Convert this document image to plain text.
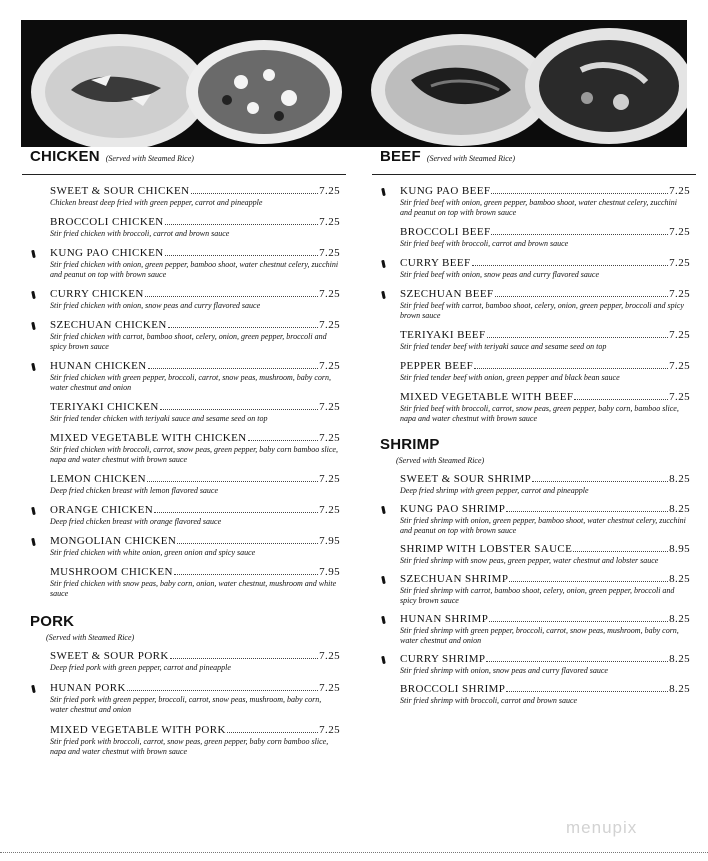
CHICKEN (Served with Steamed Rice)
SWEET & SOUR CHICKEN	7.25
Chicken breast deep fried with green pepper, carrot and pineapple
BROCCOLI CHICKEN	7.25
Stir fried chicken with broccoli, carrot and brown sauce
KUNG PAO CHICKEN	7.25
Stir fried chicken with onion, green pepper, bamboo shoot, water chestnut celery, zucchini and peanut on top with brown sauce
CURRY CHICKEN	7.25
Stir fried chicken with onion, snow peas and curry flavored sauce
SZECHUAN CHICKEN	7.25
Stir fried chicken with carrot, bamboo shoot, celery, onion, green pepper, broccoli and spicy brown sauce
HUNAN CHICKEN	7.25
Stir fried chicken with green pepper, broccoli, carrot, snow peas, mushroom, baby corn, water chestnut and onion
TERIYAKI CHICKEN	7.25
Stir fried tender chicken with teriyaki sauce and sesame seed on top
MIXED VEGETABLE WITH CHICKEN	7.25
Stir fried chicken with broccoli, carrot, snow peas, green pepper, baby corn bamboo slice, napa and water chestnut with brown sauce
LEMON CHICKEN	7.25
Deep fried chicken breast with lemon flavored sauce
ORANGE CHICKEN	7.25
Deep fried chicken breast with orange flavored sauce
MONGOLIAN CHICKEN	7.95
Stir fried chicken with white onion, green onion and spicy sauce
MUSHROOM CHICKEN	7.95
Stir fried chicken with snow peas, baby corn, onion, water chestnut, mushroom and white sauce
PORK
(Served with Steamed Rice)
SWEET & SOUR PORK	7.25
Deep fried pork with green pepper, carrot and pineapple
HUNAN PORK	7.25
Stir fried pork with green pepper, broccoli, carrot, snow peas, mushroom, baby corn, water chestnut and onion
MIXED VEGETABLE WITH PORK	7.25
Stir fried pork with broccoli, carrot, snow peas, green pepper, baby corn bamboo slice, napa and water chestnut with brown sauce
BEEF (Served with Steamed Rice)
KUNG PAO BEEF	7.25
Stir fried beef with onion, green pepper, bamboo shoot, water chestnut celery, zucchini and peanut on top with brown sauce
BROCCOLI BEEF	7.25
Stir fried beef with broccoli, carrot and brown sauce
CURRY BEEF	7.25
Stir fried beef with onion, snow peas and curry flavored sauce
SZECHUAN BEEF	7.25
Stir fried beef with carrot, bamboo shoot, celery, onion, green pepper, broccoli and spicy brown sauce
TERIYAKI BEEF	7.25
Stir fried tender beef with teriyaki sauce and sesame seed on top
PEPPER BEEF	7.25
Stir fried tender beef with onion, green pepper and black bean sauce
MIXED VEGETABLE WITH BEEF	7.25
Stir fried beef with broccoli, carrot, snow peas, green pepper, baby corn, bamboo slice, napa and water chestnut with brown sauce
SHRIMP
(Served with Steamed Rice)
SWEET & SOUR SHRIMP	8.25
Deep fried shrimp with green pepper, carrot and pineapple
KUNG PAO SHRIMP	8.25
Stir fried shrimp with onion, green pepper, bamboo shoot, water chestnut celery, zucchini and peanut on top with brown sauce
SHRIMP WITH LOBSTER SAUCE	8.95
Stir fried shrimp with snow peas, green pepper, water chestnut and lobster sauce
SZECHUAN SHRIMP	8.25
Stir fried shrimp with carrot, bamboo shoot, celery, onion, green pepper, broccoli and spicy brown sauce
HUNAN SHRIMP	8.25
Stir fried shrimp with green pepper, broccoli, carrot, snow peas, mushroom, baby corn, water chestnut and onion
CURRY SHRIMP	8.25
Stir fried shrimp with onion, snow peas and curry flavored sauce
BROCCOLI SHRIMP	8.25
Stir fried shrimp with broccoli, carrot and brown sauce
menupix
